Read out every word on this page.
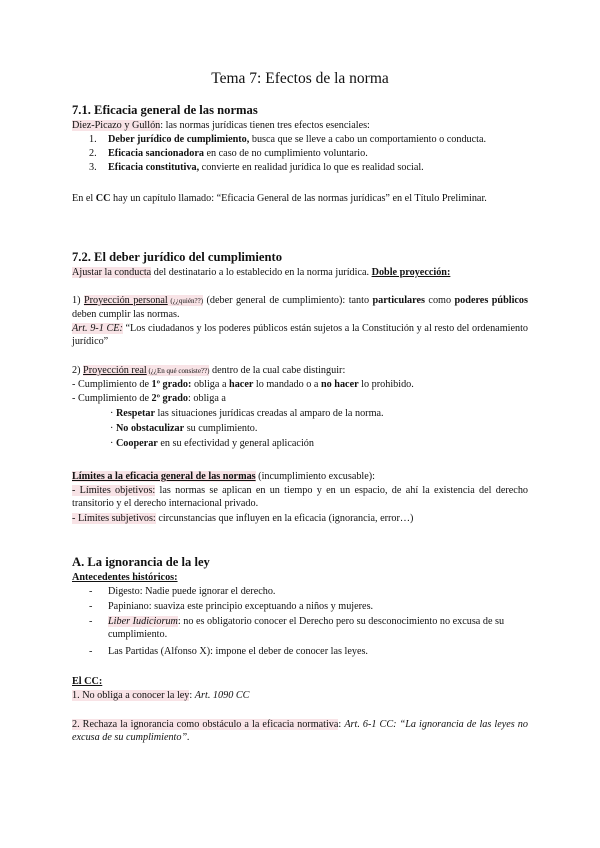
Tema 7: Efectos de la norma
7.1. Eficacia general de las normas
Diez-Picazo y Gullón: las normas jurídicas tienen tres efectos esenciales:
1. Deber jurídico de cumplimiento, busca que se lleve a cabo un comportamiento o conducta.
2. Eficacia sancionadora en caso de no cumplimiento voluntario.
3. Eficacia constitutiva, convierte en realidad jurídica lo que es realidad social.
En el CC hay un capítulo llamado: “Eficacia General de las normas jurídicas” en el Título Preliminar.
7.2. El deber jurídico del cumplimiento
Ajustar la conducta del destinatario a lo establecido en la norma jurídica. Doble proyección:
1) Proyección personal (¿¿quién??) (deber general de cumplimiento): tanto particulares como poderes públicos deben cumplir las normas.
Art. 9-1 CE: “Los ciudadanos y los poderes públicos están sujetos a la Constitución y al resto del ordenamiento jurídico”
2) Proyección real (¿¿En qué consiste??) dentro de la cual cabe distinguir:
- Cumplimiento de 1º grado: obliga a hacer lo mandado o a no hacer lo prohibido.
- Cumplimiento de 2º grado: obliga a
· Respetar las situaciones jurídicas creadas al amparo de la norma.
· No obstaculizar su cumplimiento.
· Cooperar en su efectividad y general aplicación
Límites a la eficacia general de las normas (incumplimiento excusable):
- Límites objetivos: las normas se aplican en un tiempo y en un espacio, de ahí la existencia del derecho transitorio y el derecho internacional privado.
- Límites subjetivos: circunstancias que influyen en la eficacia (ignorancia, error…)
A. La ignorancia de la ley
Antecedentes históricos:
- Digesto: Nadie puede ignorar el derecho.
- Papiniano: suaviza este principio exceptuando a niños y mujeres.
- Liber Iudiciorum: no es obligatorio conocer el Derecho pero su desconocimiento no excusa de su cumplimiento.
- Las Partidas (Alfonso X): impone el deber de conocer las leyes.
El CC:
1. No obliga a conocer la ley: Art. 1090 CC
2. Rechaza la ignorancia como obstáculo a la eficacia normativa: Art. 6-1 CC: “La ignorancia de las leyes no excusa de su cumplimiento”.
